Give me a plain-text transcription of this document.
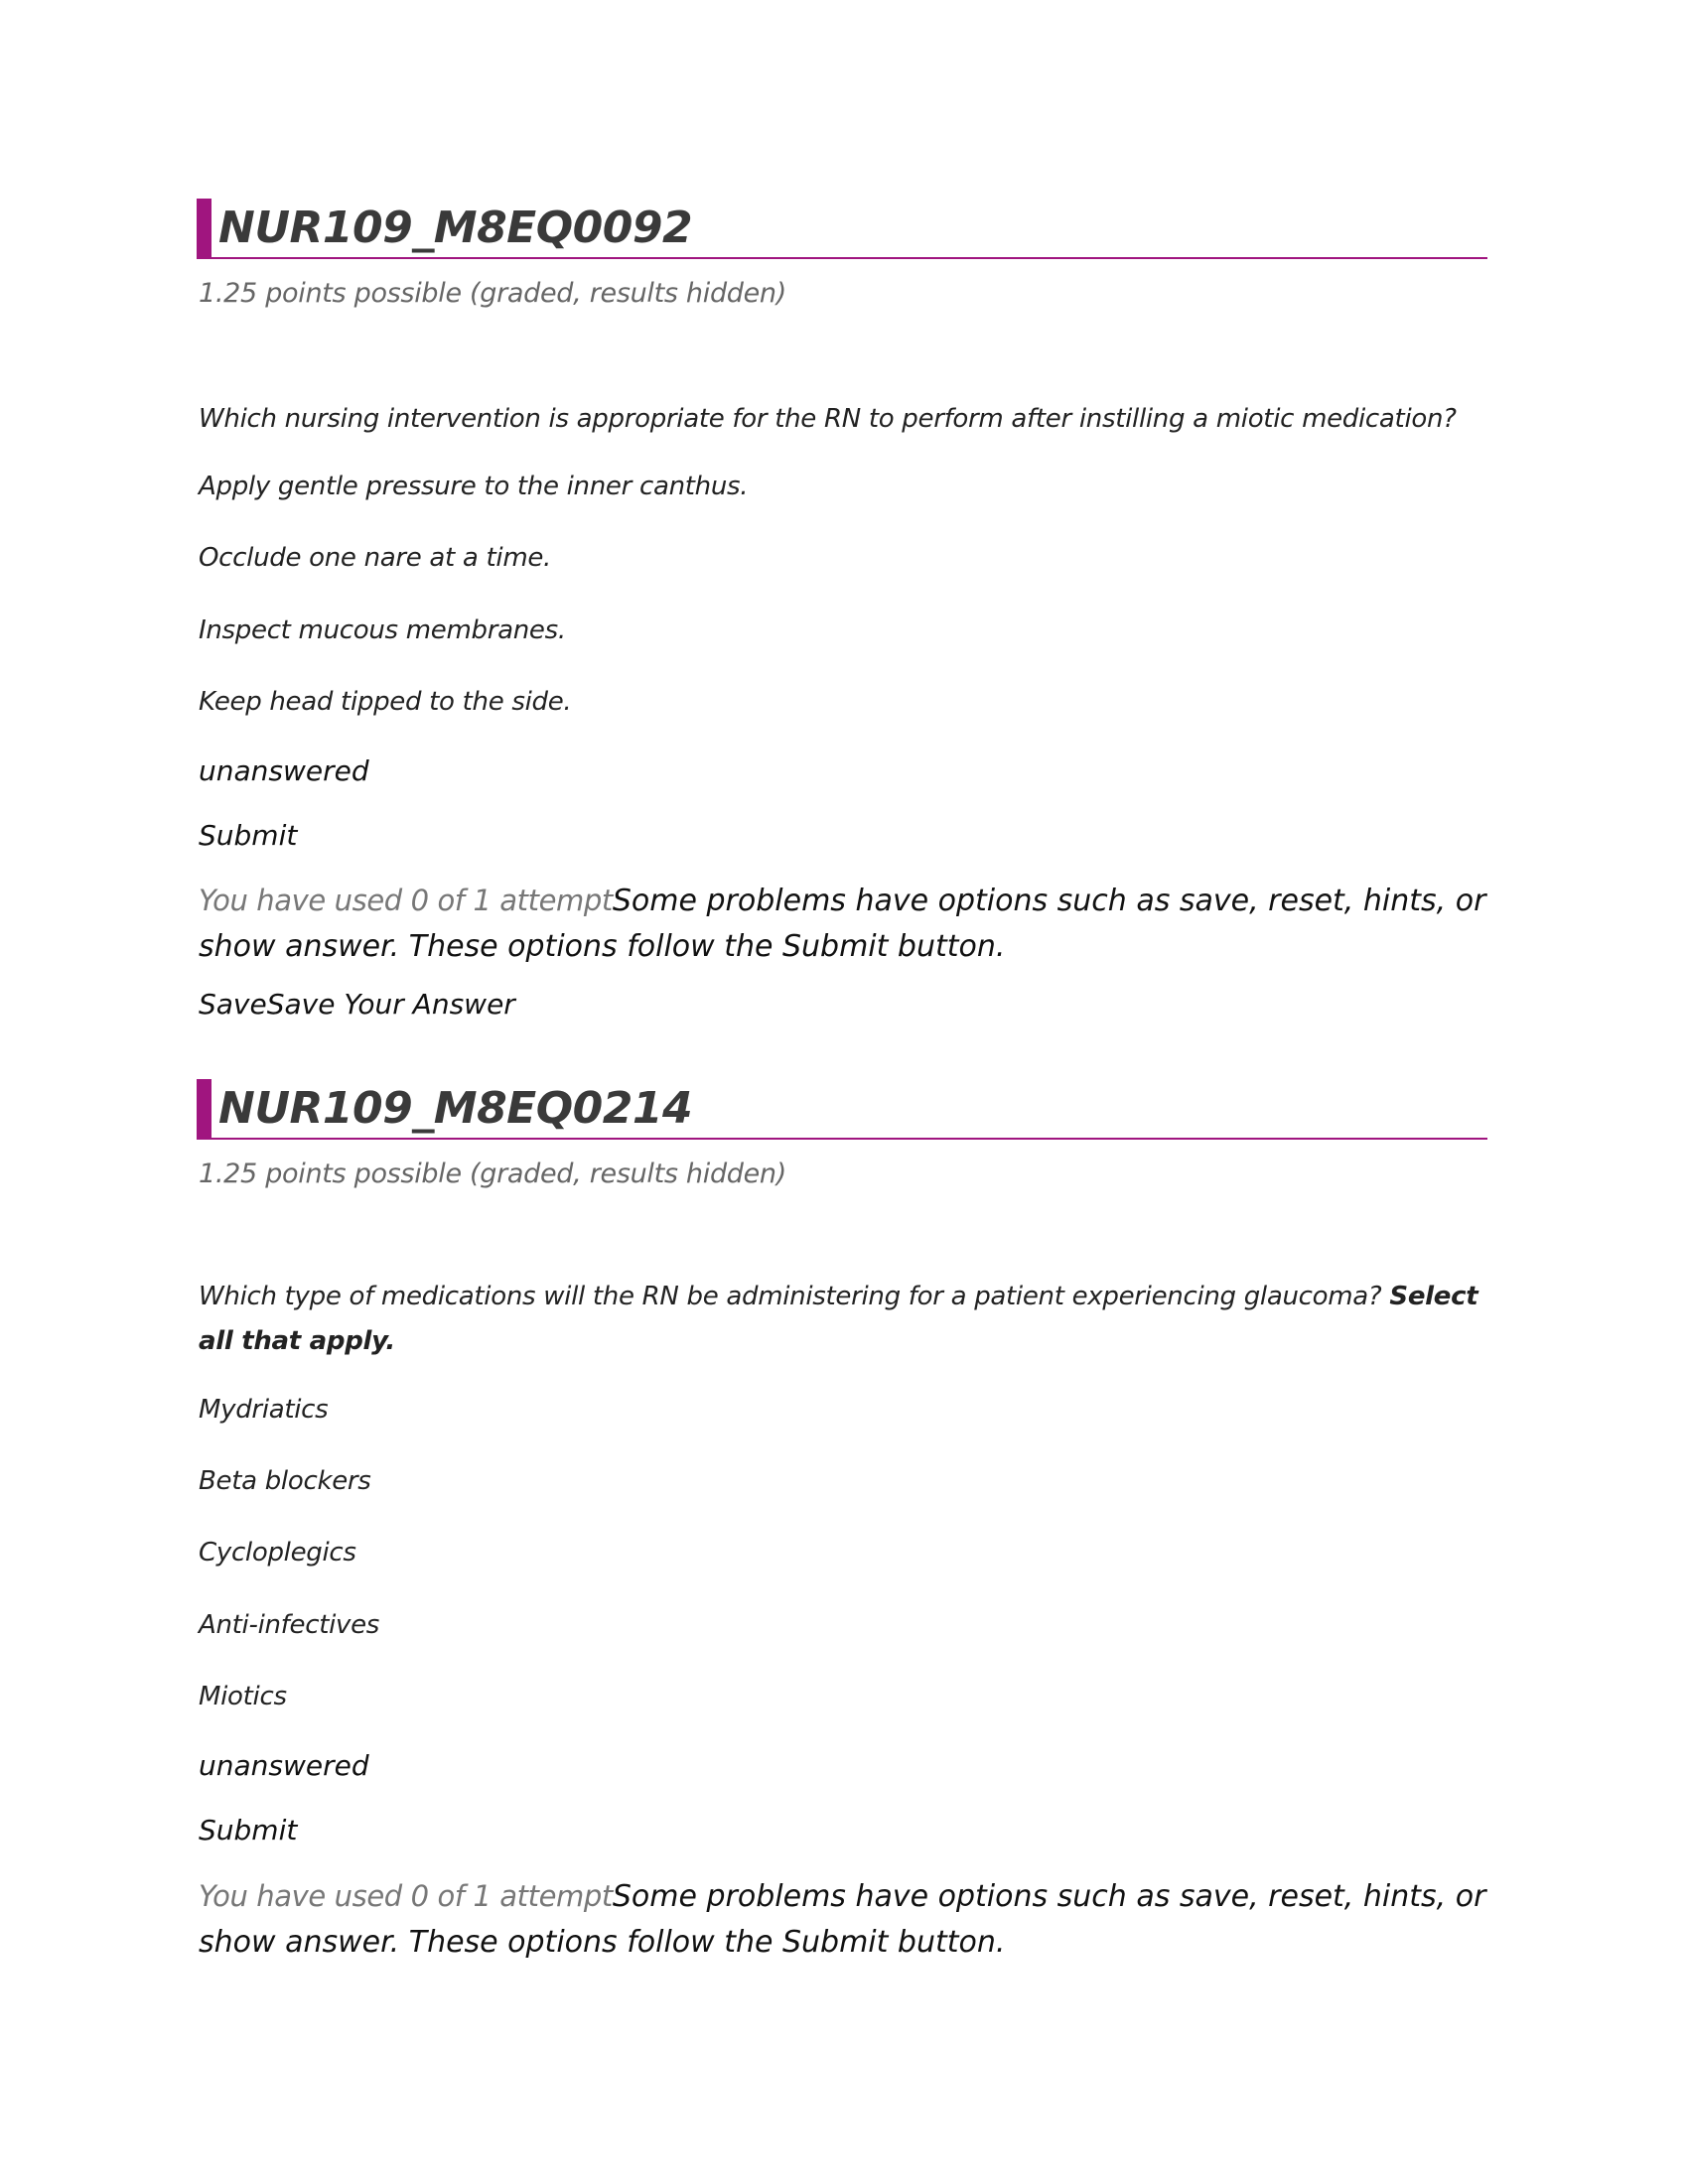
NUR109_M8EQ0092
1.25 points possible (graded, results hidden)

Which nursing intervention is appropriate for the RN to perform after instilling a miotic medication?

Apply gentle pressure to the inner canthus.
Occlude one nare at a time.
Inspect mucous membranes.
Keep head tipped to the side.
unanswered
Submit
You have used 0 of 1 attemptSome problems have options such as save, reset, hints, or show answer. These options follow the Submit button.
SaveSave Your Answer
NUR109_M8EQ0214
1.25 points possible (graded, results hidden)

Which type of medications will the RN be administering for a patient experiencing glaucoma? Select all that apply.

Mydriatics
Beta blockers
Cycloplegics
Anti-infectives
Miotics
unanswered
Submit
You have used 0 of 1 attemptSome problems have options such as save, reset, hints, or show answer. These options follow the Submit button.
